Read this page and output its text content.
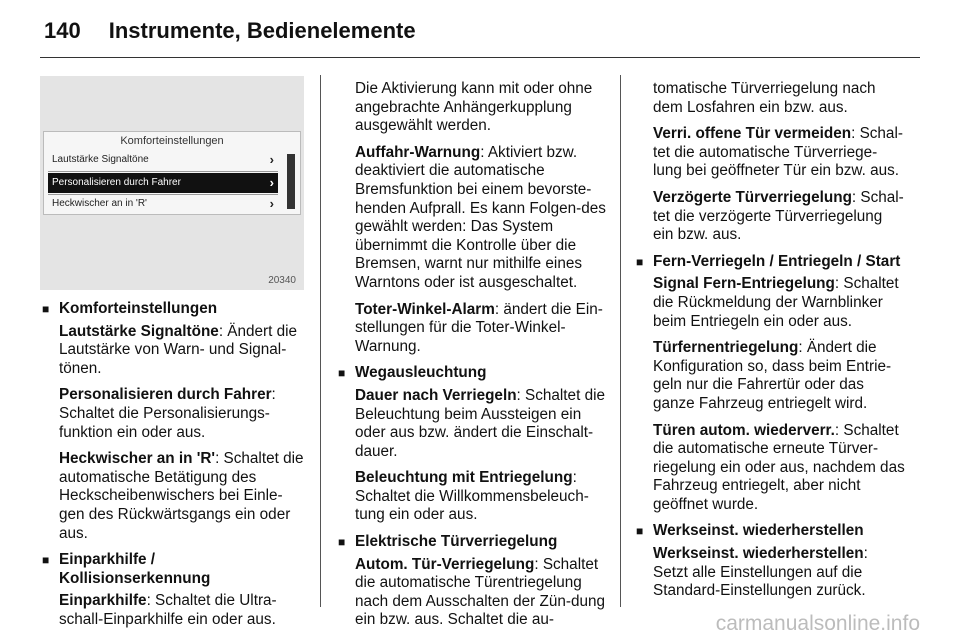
140 Instrumente, Bedienelemente
Komforteinstellungen
Lautstärke Signaltöne	›
Personalisieren durch Fahrer	›
Heckwischer an in 'R'	›
20340

■ Komforteinstellungen

Lautstärke Signaltöne: Ändert die Lautstärke von Warn- und Signal-tönen.

Personalisieren durch Fahrer: Schaltet die Personalisierungs-funktion ein oder aus.

Heckwischer an in 'R': Schaltet die automatische Betätigung des Heckscheibenwischers bei Einle-gen des Rückwärtsgangs ein oder aus.

■ Einparkhilfe / Kollisionserkennung

Einparkhilfe: Schaltet die Ultra-schall-Einparkhilfe ein oder aus.

Die Aktivierung kann mit oder ohne angebrachte Anhängerkupplung ausgewählt werden.

Auffahr-Warnung: Aktiviert bzw. deaktiviert die automatische Bremsfunktion bei einem bevorste-henden Aufprall. Es kann Folgen-des gewählt werden: Das System übernimmt die Kontrolle über die Bremsen, warnt nur mithilfe eines Warntons oder ist ausgeschaltet.

Toter-Winkel-Alarm: ändert die Ein-stellungen für die Toter-Winkel-Warnung.

■ Wegausleuchtung

Dauer nach Verriegeln: Schaltet die Beleuchtung beim Aussteigen ein oder aus bzw. ändert die Einschalt-dauer.

Beleuchtung mit Entriegelung: Schaltet die Willkommensbeleuch-tung ein oder aus.

■ Elektrische Türverriegelung

Autom. Tür-Verriegelung: Schaltet die automatische Türentriegelung nach dem Ausschalten der Zün-dung ein bzw. aus. Schaltet die au-

tomatische Türverriegelung nach dem Losfahren ein bzw. aus.

Verri. offene Tür vermeiden: Schal-tet die automatische Türverriege-lung bei geöffneter Tür ein bzw. aus.

Verzögerte Türverriegelung: Schal-tet die verzögerte Türverriegelung ein bzw. aus.

■ Fern-Verriegeln / Entriegeln / Start

Signal Fern-Entriegelung: Schaltet die Rückmeldung der Warnblinker beim Entriegeln ein oder aus.

Türfernentriegelung: Ändert die Konfiguration so, dass beim Entrie-geln nur die Fahrertür oder das ganze Fahrzeug entriegelt wird.

Türen autom. wiederverr.: Schaltet die automatische erneute Türver-riegelung ein oder aus, nachdem das Fahrzeug entriegelt, aber nicht geöffnet wurde.

■ Werkseinst. wiederherstellen

Werkseinst. wiederherstellen: Setzt alle Einstellungen auf die Standard-Einstellungen zurück.

carmanualsonline.info
